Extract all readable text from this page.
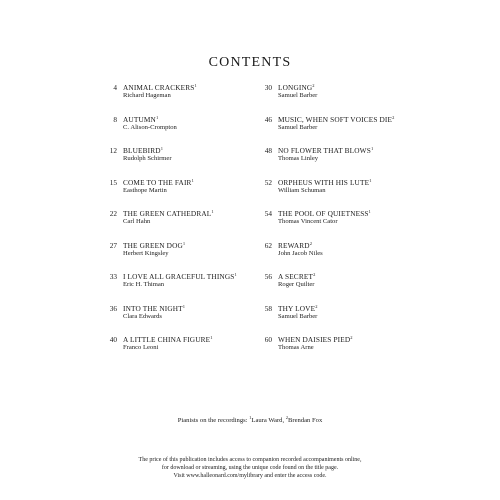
CONTENTS
4 ANIMAL CRACKERS$^1$
Richard Hageman
8 AUTUMN$^1$
C. Alison-Crompton
12 BLUEBIRD$^1$
Rudolph Schirmer
15 COME TO THE FAIR$^1$
Easthope Martin
22 THE GREEN CATHEDRAL$^1$
Carl Hahn
27 THE GREEN DOG$^1$
Herbert Kingsley
33 I LOVE ALL GRACEFUL THINGS$^1$
Eric H. Thiman
36 INTO THE NIGHT$^1$
Clara Edwards
40 A LITTLE CHINA FIGURE$^1$
Franco Leoni
30 LONGING$^2$
Samuel Barber
46 MUSIC, WHEN SOFT VOICES DIE$^2$
Samuel Barber
48 NO FLOWER THAT BLOWS$^1$
Thomas Linley
52 ORPHEUS WITH HIS LUTE$^1$
William Schuman
54 THE POOL OF QUIETNESS$^1$
Thomas Vincent Cator
62 REWARD$^2$
John Jacob Niles
56 A SECRET$^2$
Roger Quilter
58 THY LOVE$^2$
Samuel Barber
60 WHEN DAISIES PIED$^2$
Thomas Arne
Pianists on the recordings: $^1$Laura Ward, $^2$Brendan Fox
The price of this publication includes access to companion recorded accompaniments online,
for download or streaming, using the unique code found on the title page.
Visit www.halleonard.com/mylibrary and enter the access code.
